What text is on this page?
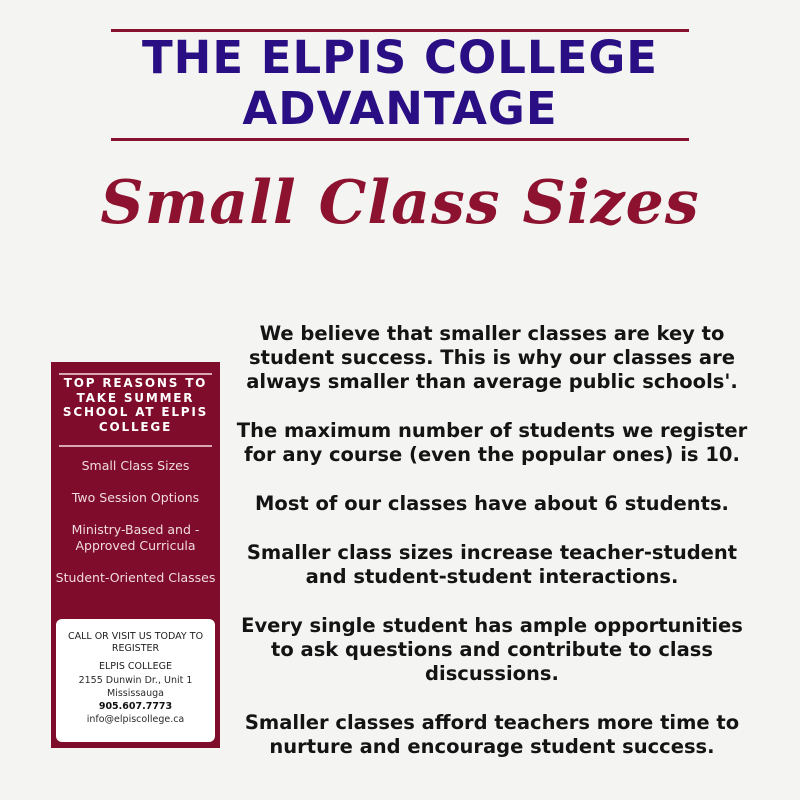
THE ELPIS COLLEGE
ADVANTAGE
Small Class Sizes

We believe that smaller classes are key to student success. This is why our classes are always smaller than average public schools'.

The maximum number of students we register for any course (even the popular ones) is 10.

Most of our classes have about 6 students.

Smaller class sizes increase teacher-student and student-student interactions.

Every single student has ample opportunities to ask questions and contribute to class discussions.

Smaller classes afford teachers more time to nurture and encourage student success.

TOP REASONS TO TAKE SUMMER SCHOOL AT ELPIS COLLEGE
Small Class Sizes
Two Session Options
Ministry-Based and -Approved Curricula
Student-Oriented Classes
CALL OR VISIT US TODAY TO REGISTER
ELPIS COLLEGE
2155 Dunwin Dr., Unit 1
Mississauga
905.607.7773
info@elpiscollege.ca
